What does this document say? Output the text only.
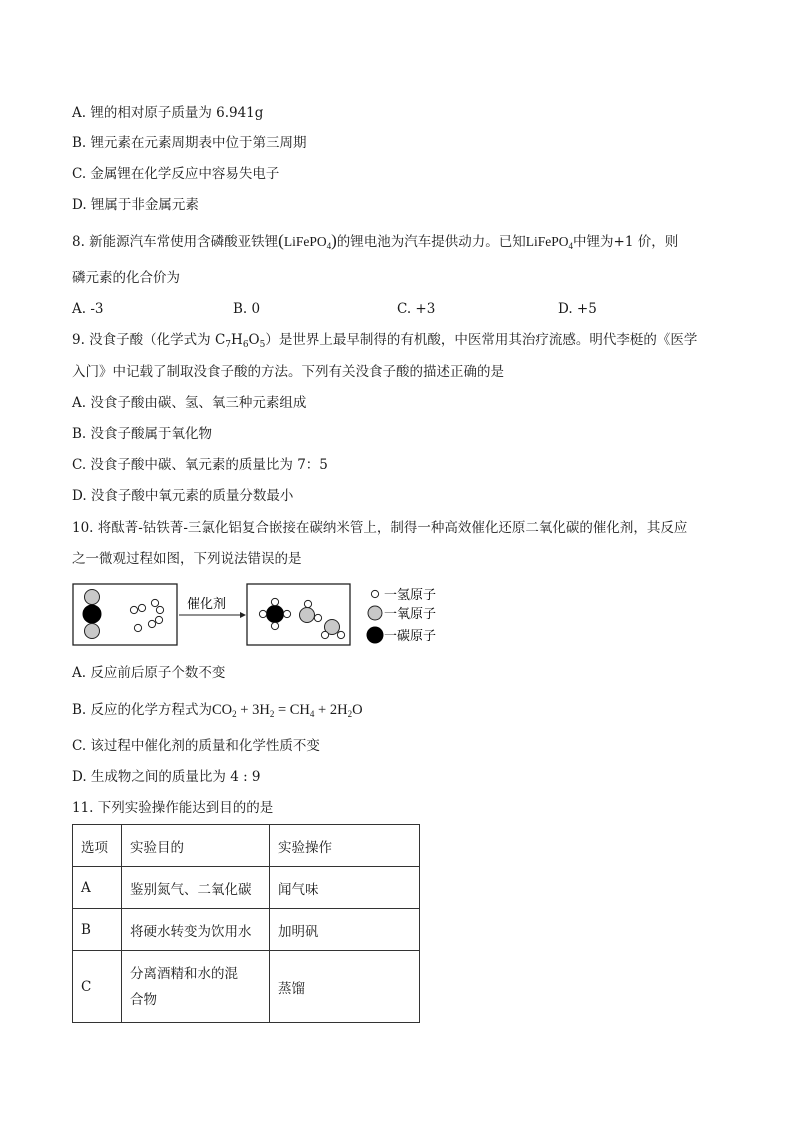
A. 锂的相对原子质量为 6.941g
B. 锂元素在元素周期表中位于第三周期
C. 金属锂在化学反应中容易失电子
D. 锂属于非金属元素
8. 新能源汽车常使用含磷酸亚铁锂(LiFePO$_4$)的锂电池为汽车提供动力。已知LiFePO$_4$中锂为+1 价，则
磷元素的化合价为
A. -3	B. 0	C. +3	D. +5
9. 没食子酸（化学式为 $C_7H_6O_5$）是世界上最早制得的有机酸，中医常用其治疗流感。明代李梃的《医学
入门》中记载了制取没食子酸的方法。下列有关没食子酸的描述正确的是
A. 没食子酸由碳、氢、氧三种元素组成
B. 没食子酸属于氧化物
C. 没食子酸中碳、氧元素的质量比为 7：5
D. 没食子酸中氧元素的质量分数最小
10. 将酞菁-钴铁菁-三氯化铝复合嵌接在碳纳米管上，制得一种高效催化还原二氧化碳的催化剂，其反应
之一微观过程如图，下列说法错误的是
催化剂
一氢原子
一氧原子
一碳原子
A. 反应前后原子个数不变
B. 反应的化学方程式为$CO_2 + 3H_2 = CH_4 + 2H_2O$
C. 该过程中催化剂的质量和化学性质不变
D. 生成物之间的质量比为 4 : 9
11. 下列实验操作能达到目的的是
选项	实验目的	实验操作
A	鉴别氮气、二氧化碳	闻气味
B	将硬水转变为饮用水	加明矾
C	分离酒精和水的混合物	蒸馏
